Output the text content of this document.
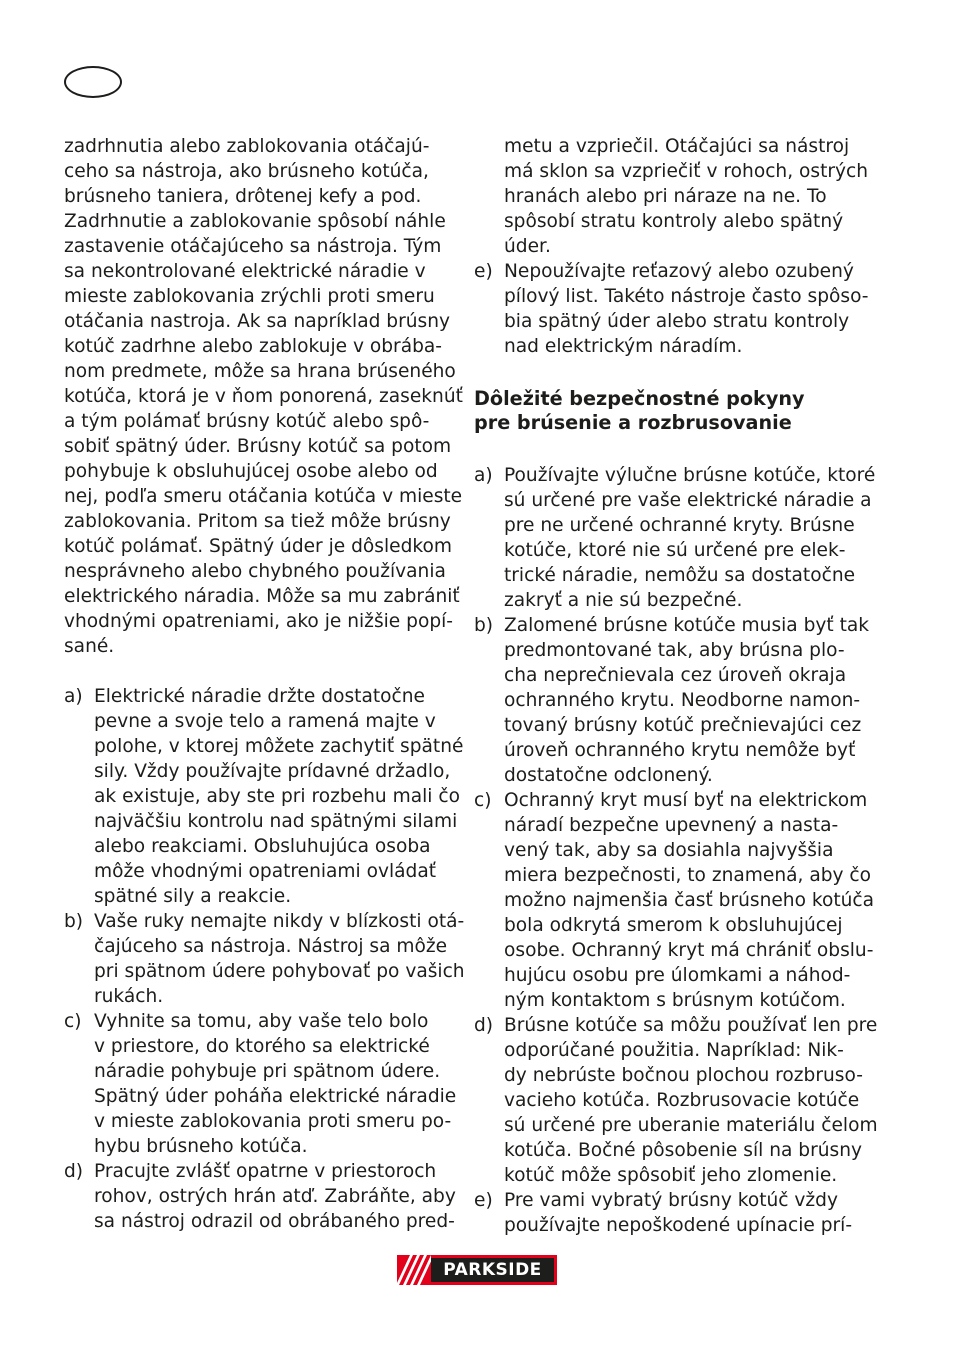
zadrhnutia alebo zablokovania otáčajú-
ceho sa nástroja, ako brúsneho kotúča,
brúsneho taniera, drôtenej kefy a pod.
Zadrhnutie a zablokovanie spôsobí náhle
zastavenie otáčajúceho sa nástroja. Tým
sa nekontrolované elektrické náradie v
mieste zablokovania zrýchli proti smeru
otáčania nastroja. Ak sa napríklad brúsny
kotúč zadrhne alebo zablokuje v obrába-
nom predmete, môže sa hrana brúseného
kotúča, ktorá je v ňom ponorená, zaseknúť
a tým polámať brúsny kotúč alebo spô-
sobiť spätný úder. Brúsny kotúč sa potom
pohybuje k obsluhujúcej osobe alebo od
nej, podľa smeru otáčania kotúča v mieste
zablokovania. Pritom sa tiež môže brúsny
kotúč polámať. Spätný úder je dôsledkom
nesprávneho alebo chybného používania
elektrického náradia. Môže sa mu zabrániť
vhodnými opatreniami, ako je nižšie popí-
sané.
a) Elektrické náradie držte dostatočne
pevne a svoje telo a ramená majte v
polohe, v ktorej môžete zachytiť spätné
sily. Vždy používajte prídavné držadlo,
ak existuje, aby ste pri rozbehu mali čo
najväčšiu kontrolu nad spätnými silami
alebo reakciami. Obsluhujúca osoba
môže vhodnými opatreniami ovládať
spätné sily a reakcie.
b) Vaše ruky nemajte nikdy v blízkosti otá-
čajúceho sa nástroja. Nástroj sa môže
pri spätnom údere pohybovať po vašich
rukách.
c) Vyhnite sa tomu, aby vaše telo bolo
v priestore, do ktorého sa elektrické
náradie pohybuje pri spätnom údere.
Spätný úder poháňa elektrické náradie
v mieste zablokovania proti smeru po-
hybu brúsneho kotúča.
d) Pracujte zvlášť opatrne v priestoroch
rohov, ostrých hrán atď. Zabráňte, aby
sa nástroj odrazil od obrábaného pred-
metu a vzpriečil. Otáčajúci sa nástroj
má sklon sa vzpriečiť v rohoch, ostrých
hranách alebo pri náraze na ne. To
spôsobí stratu kontroly alebo spätný
úder.
e) Nepoužívajte reťazový alebo ozubený
pílový list. Takéto nástroje často spôso-
bia spätný úder alebo stratu kontroly
nad elektrickým náradím.
Dôležité bezpečnostné pokyny
pre brúsenie a rozbrusovanie
a) Používajte výlučne brúsne kotúče, ktoré
sú určené pre vaše elektrické náradie a
pre ne určené ochranné kryty. Brúsne
kotúče, ktoré nie sú určené pre elek-
trické náradie, nemôžu sa dostatočne
zakryť a nie sú bezpečné.
b) Zalomené brúsne kotúče musia byť tak
predmontované tak, aby brúsna plo-
cha neprečnievala cez úroveň okraja
ochranného krytu. Neodborne namon-
tovaný brúsny kotúč prečnievajúci cez
úroveň ochranného krytu nemôže byť
dostatočne odclonený.
c) Ochranný kryt musí byť na elektrickom
náradí bezpečne upevnený a nasta-
vený tak, aby sa dosiahla najvyššia
miera bezpečnosti, to znamená, aby čo
možno najmenšia časť brúsneho kotúča
bola odkrytá smerom k obsluhujúcej
osobe. Ochranný kryt má chrániť obslu-
hujúcu osobu pre úlomkami a náhod-
ným kontaktom s brúsnym kotúčom.
d) Brúsne kotúče sa môžu používať len pre
odporúčané použitia. Napríklad: Nik-
dy nebrúste bočnou plochou rozbruso-
vacieho kotúča. Rozbrusovacie kotúče
sú určené pre uberanie materiálu čelom
kotúča. Bočné pôsobenie síl na brúsny
kotúč môže spôsobiť jeho zlomenie.
e) Pre vami vybratý brúsny kotúč vždy
používajte nepoškodené upínacie prí-
PARKSIDE
